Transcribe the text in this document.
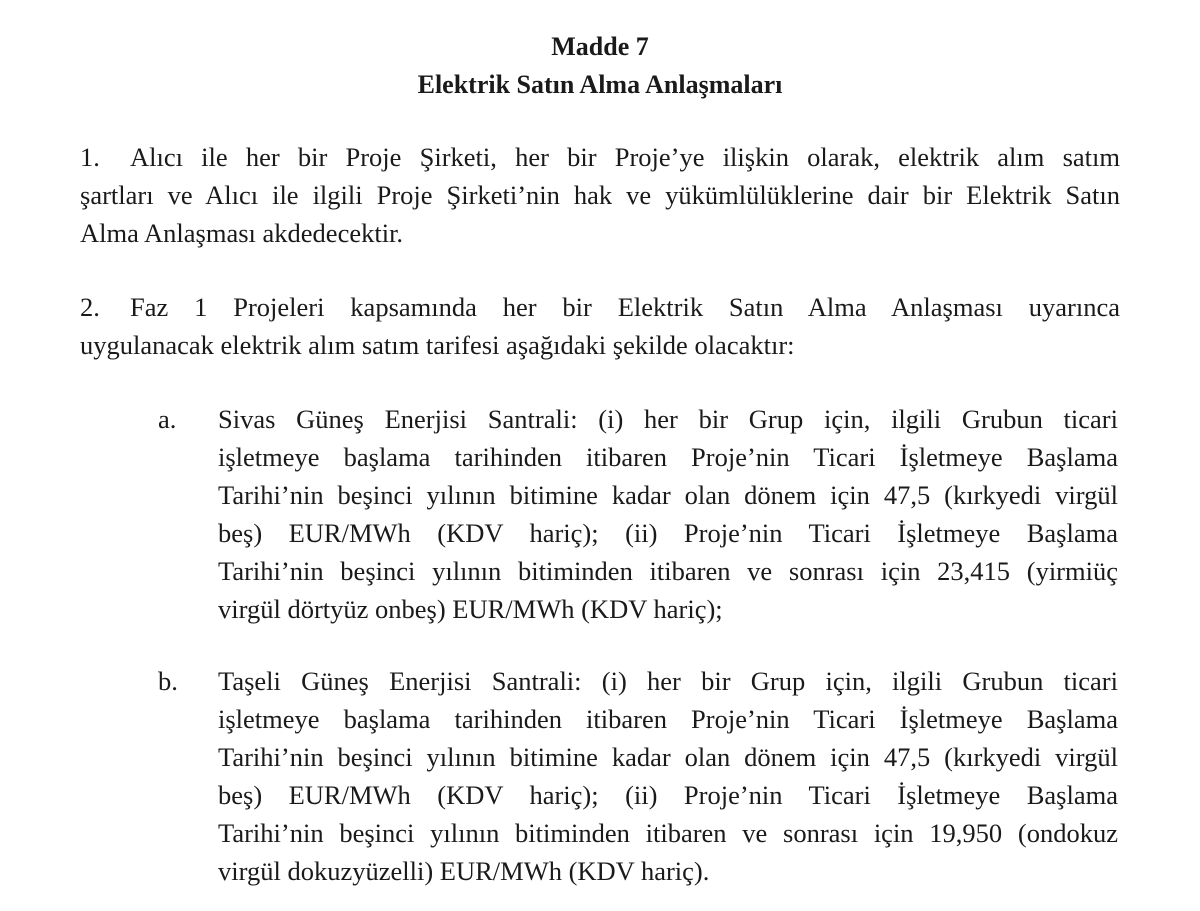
Madde 7
Elektrik Satın Alma Anlaşmaları
1. Alıcı ile her bir Proje Şirketi, her bir Proje’ye ilişkin olarak, elektrik alım satım
şartları ve Alıcı ile ilgili Proje Şirketi’nin hak ve yükümlülüklerine dair bir Elektrik Satın
Alma Anlaşması akdedecektir.
2. Faz 1 Projeleri kapsamında her bir Elektrik Satın Alma Anlaşması uyarınca
uygulanacak elektrik alım satım tarifesi aşağıdaki şekilde olacaktır:
a. Sivas Güneş Enerjisi Santrali: (i) her bir Grup için, ilgili Grubun ticari
işletmeye başlama tarihinden itibaren Proje’nin Ticari İşletmeye Başlama
Tarihi’nin beşinci yılının bitimine kadar olan dönem için 47,5 (kırkyedi virgül
beş) EUR/MWh (KDV hariç); (ii) Proje’nin Ticari İşletmeye Başlama
Tarihi’nin beşinci yılının bitiminden itibaren ve sonrası için 23,415 (yirmiüç
virgül dörtyüz onbeş) EUR/MWh (KDV hariç);
b. Taşeli Güneş Enerjisi Santrali: (i) her bir Grup için, ilgili Grubun ticari
işletmeye başlama tarihinden itibaren Proje’nin Ticari İşletmeye Başlama
Tarihi’nin beşinci yılının bitimine kadar olan dönem için 47,5 (kırkyedi virgül
beş) EUR/MWh (KDV hariç); (ii) Proje’nin Ticari İşletmeye Başlama
Tarihi’nin beşinci yılının bitiminden itibaren ve sonrası için 19,950 (ondokuz
virgül dokuzyüzelli) EUR/MWh (KDV hariç).
